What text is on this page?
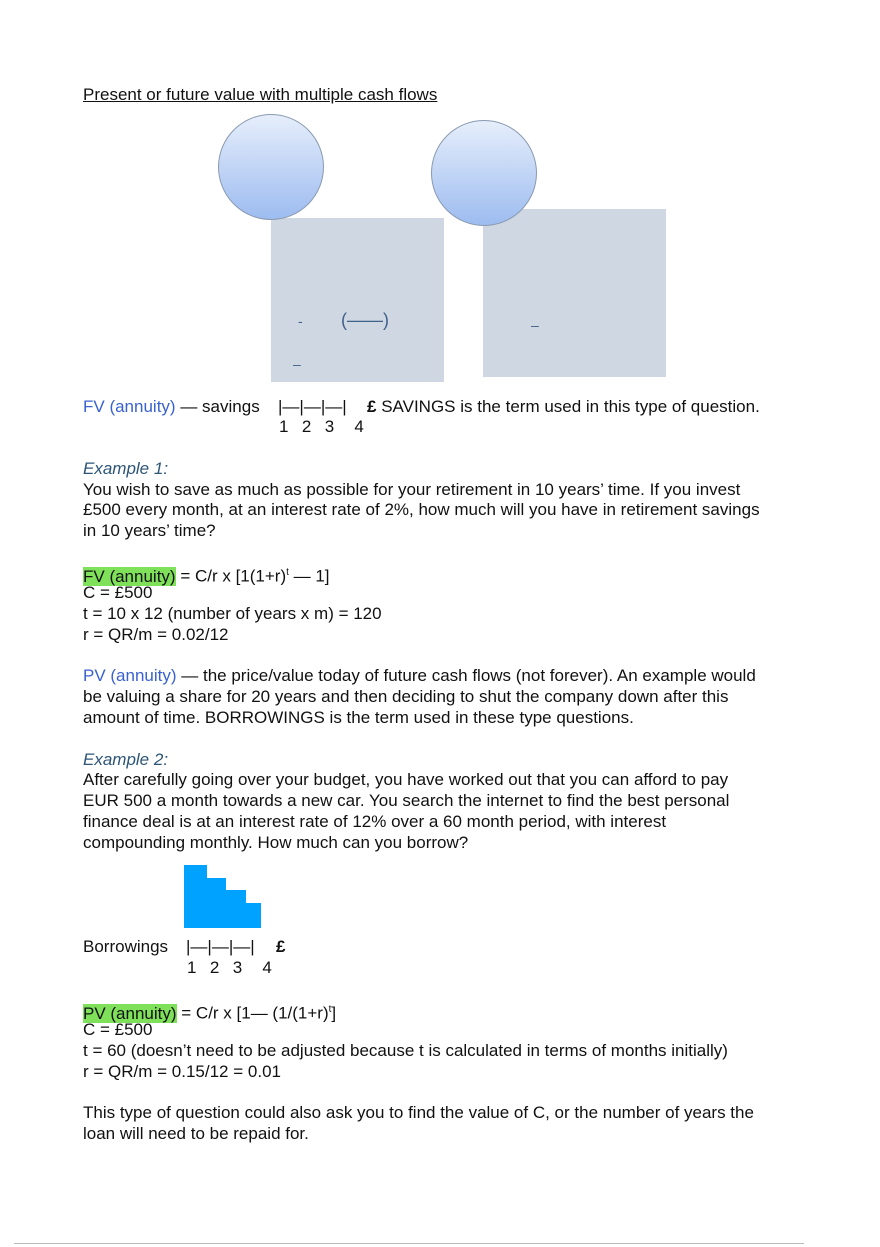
Present or future value with multiple cash flows
- (——)
–
–
FV (annuity) — savings |—|—|—|
1  2  3   4
£ SAVINGS is the term used in this type of question.
Example 1:
You wish to save as much as possible for your retirement in 10 years’ time. If you invest
£500 every month, at an interest rate of 2%, how much will you have in retirement savings
in 10 years’ time?
FV (annuity) = C/r x [$1(1+r)^t$ — 1]
C = £500
t = 10 x 12 (number of years x m) = 120
r = QR/m = 0.02/12
PV (annuity) — the price/value today of future cash flows (not forever). An example would
be valuing a share for 20 years and then deciding to shut the company down after this
amount of time. BORROWINGS is the term used in these type questions.
Example 2:
After carefully going over your budget, you have worked out that you can afford to pay
EUR 500 a month towards a new car. You search the internet to find the best personal
finance deal is at an interest rate of 12% over a 60 month period, with interest
compounding monthly. How much can you borrow?
Borrowings |—|—|—|
1  2  3   4
£
PV (annuity) = C/r x [1— $(1/(1+r)^t]$
C = £500
t = 60 (doesn’t need to be adjusted because t is calculated in terms of months initially)
r = QR/m = 0.15/12 = 0.01
This type of question could also ask you to find the value of C, or the number of years the
loan will need to be repaid for.
